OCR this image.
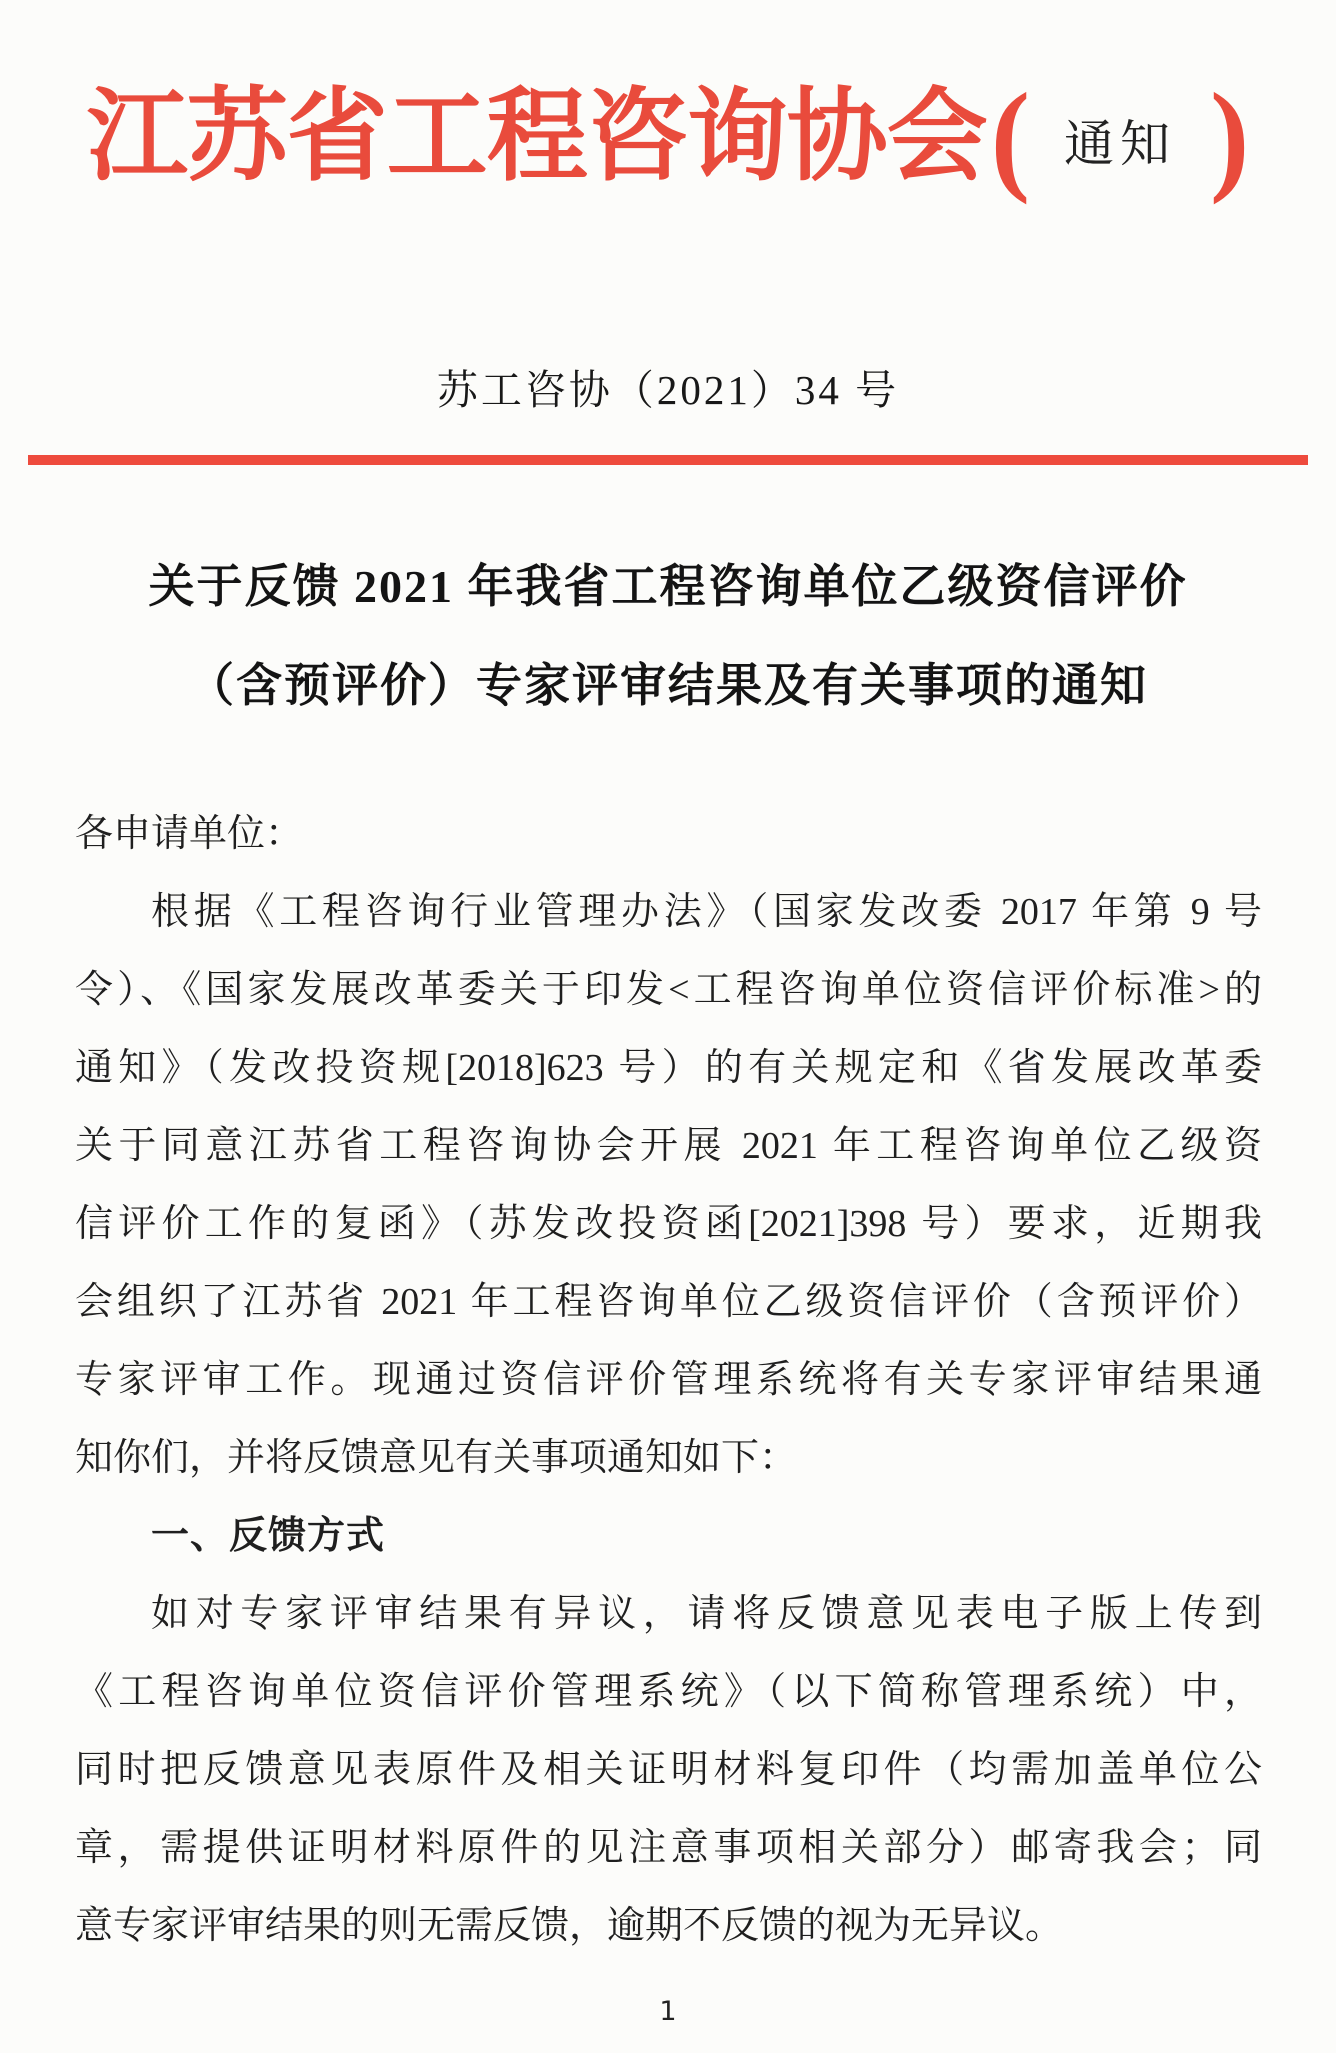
江苏省工程咨询协会 ( 通知 )
苏工咨协（2021）34 号
关于反馈 2021 年我省工程咨询单位乙级资信评价
（含预评价）专家评审结果及有关事项的通知
各申请单位：
根据《工程咨询行业管理办法》（国家发改委 2017 年第 9 号
令）、《国家发展改革委关于印发<工程咨询单位资信评价标准>的
通知》（发改投资规[2018]623 号）的有关规定和《省发展改革委
关于同意江苏省工程咨询协会开展 2021 年工程咨询单位乙级资
信评价工作的复函》（苏发改投资函[2021]398 号）要求，近期我
会组织了江苏省 2021 年工程咨询单位乙级资信评价（含预评价）
专家评审工作。现通过资信评价管理系统将有关专家评审结果通
知你们，并将反馈意见有关事项通知如下：
一、反馈方式
如对专家评审结果有异议，请将反馈意见表电子版上传到
《工程咨询单位资信评价管理系统》（以下简称管理系统）中，
同时把反馈意见表原件及相关证明材料复印件（均需加盖单位公
章，需提供证明材料原件的见注意事项相关部分）邮寄我会；同
意专家评审结果的则无需反馈，逾期不反馈的视为无异议。
1
